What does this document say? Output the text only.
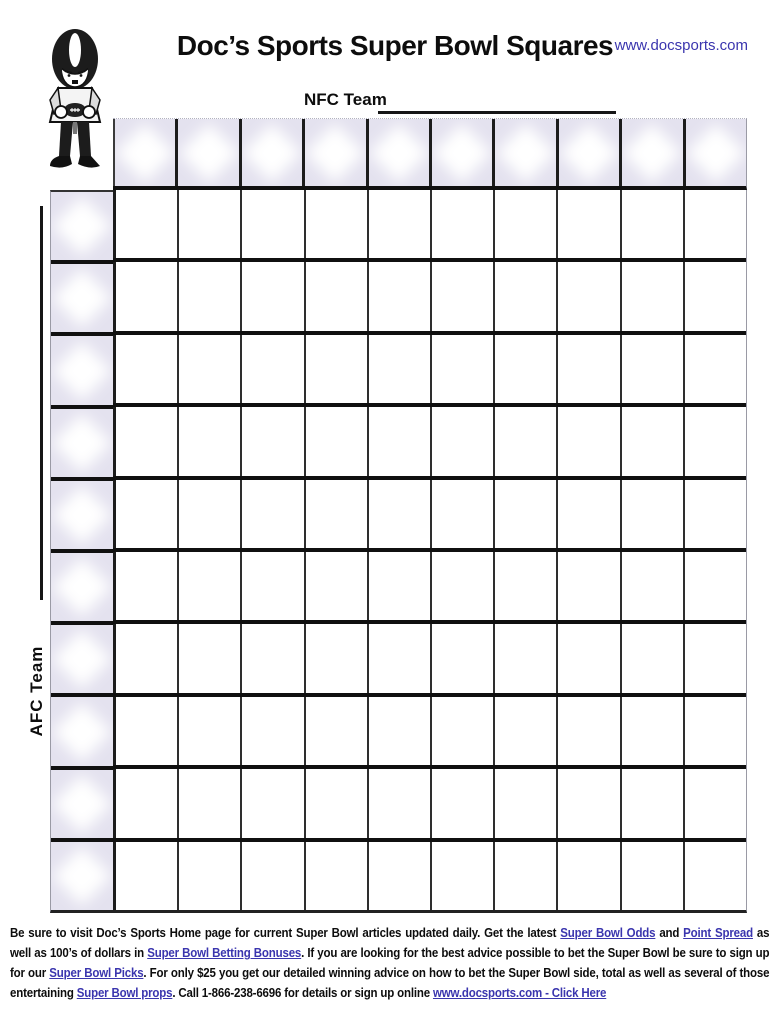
Doc’s Sports Super Bowl Squares www.docsports.com
NFC Team
AFC Team
Be sure to visit Doc’s Sports Home page for current Super Bowl articles updated daily. Get the latest Super Bowl Odds and Point Spread as well as 100’s of dollars in Super Bowl Betting Bonuses. If you are looking for the best advice possible to bet the Super Bowl be sure to sign up for our Super Bowl Picks. For only $25 you get our detailed winning advice on how to bet the Super Bowl side, total as well as several of those entertaining Super Bowl props. Call 1-866-238-6696 for details or sign up online www.docsports.com - Click Here
